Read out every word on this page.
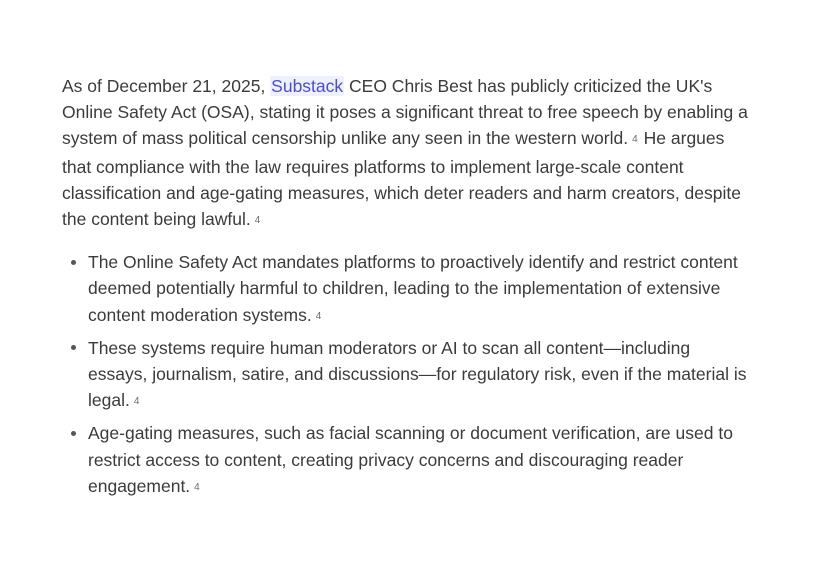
As of December 21, 2025, Substack CEO Chris Best has publicly criticized the UK's Online Safety Act (OSA), stating it poses a significant threat to free speech by enabling a system of mass political censorship unlike any seen in the western world. 4 He argues that compliance with the law requires platforms to implement large-scale content classification and age-gating measures, which deter readers and harm creators, despite the content being lawful. 4

The Online Safety Act mandates platforms to proactively identify and restrict content deemed potentially harmful to children, leading to the implementation of extensive content moderation systems. 4
These systems require human moderators or AI to scan all content—including essays, journalism, satire, and discussions—for regulatory risk, even if the material is legal. 4
Age-gating measures, such as facial scanning or document verification, are used to restrict access to content, creating privacy concerns and discouraging reader engagement. 4
